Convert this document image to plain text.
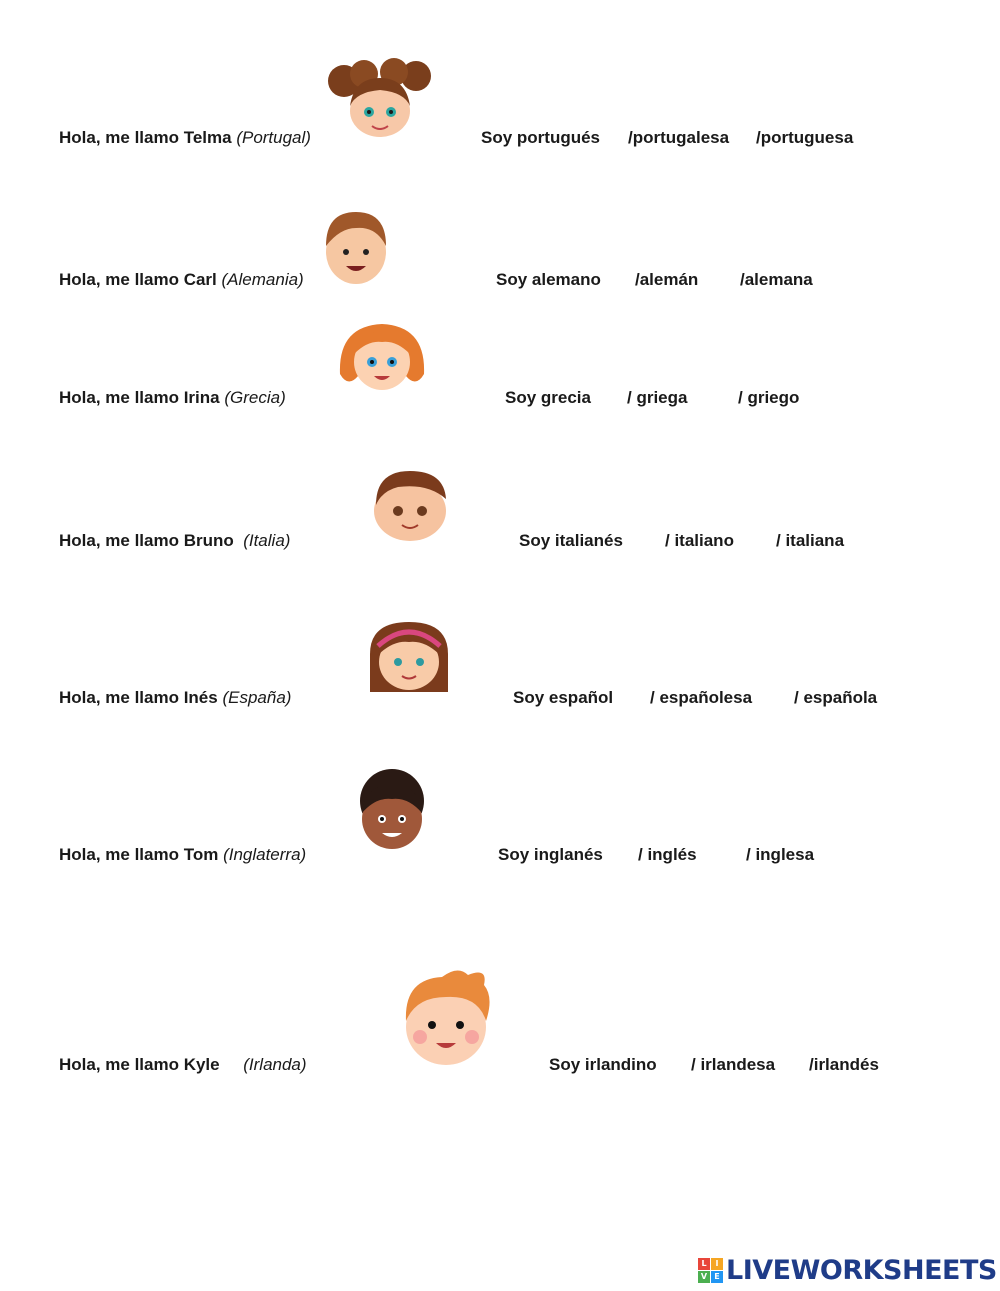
Hola, me llamo Telma (Portugal)	Soy portugués /portugalesa /portuguesa
Hola, me llamo Carl (Alemania)	Soy alemano /alemán /alemana
Hola, me llamo Irina (Grecia)	Soy grecia / griega	/ griego
Hola, me llamo Bruno (Italia)	Soy italianés / italiano / italiana
Hola, me llamo Inés (España)	Soy español / españolesa / española
Hola, me llamo Tom (Inglaterra)	Soy inglanés / inglés	/ inglesa
Hola, me llamo Kyle (Irlanda)	Soy irlandino / irlandesa /irlandés
L	I
V E LIVEWORKSHEETS
